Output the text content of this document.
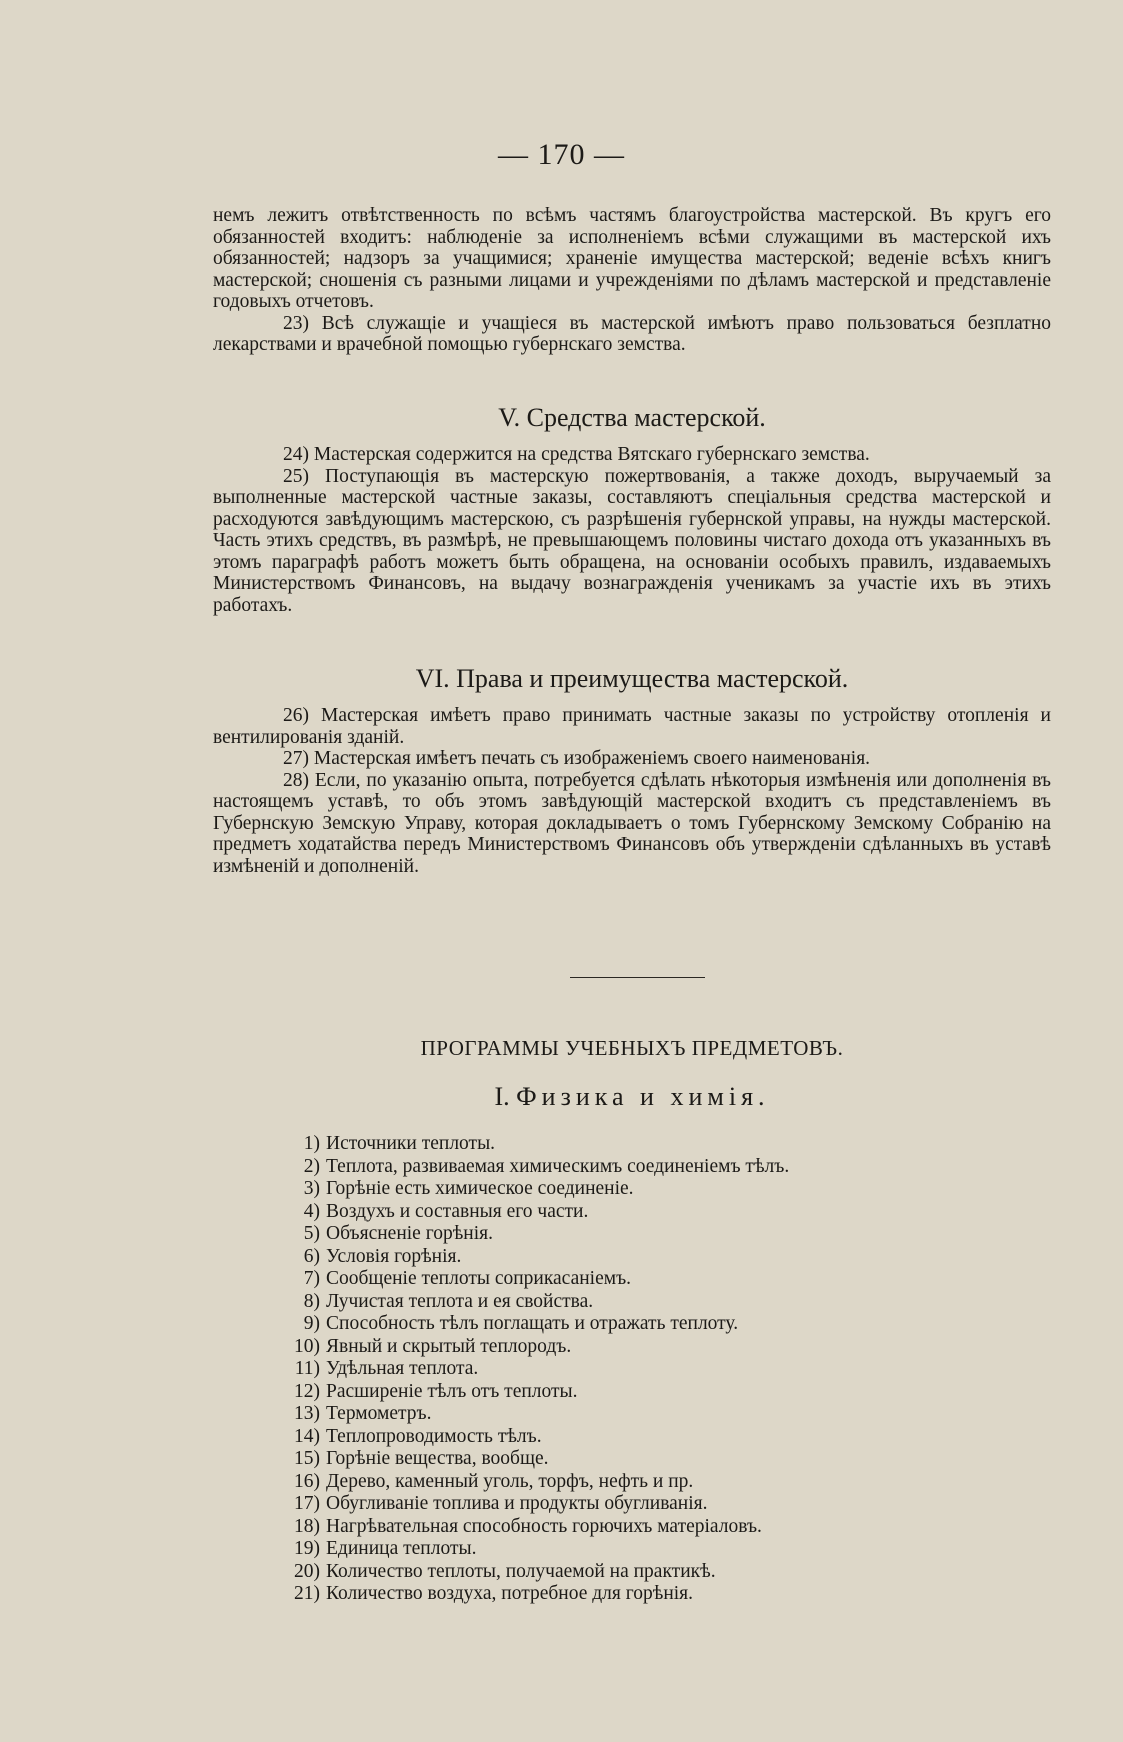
— 170 —

немъ лежитъ отвѣтственность по всѣмъ частямъ благоустройства мастерской. Въ кругъ его обязанностей входитъ: наблюденіе за исполненіемъ всѣми служащими въ мастерской ихъ обязанностей; надзоръ за учащимися; храненіе имущества мастерской; веденіе всѣхъ книгъ мастерской; сношенія съ разными лицами и учрежденіями по дѣламъ мастерской и представленіе годовыхъ отчетовъ.

23) Всѣ служащіе и учащіеся въ мастерской имѣютъ право пользоваться безплатно лекарствами и врачебной помощью губернскаго земства.

V. Средства мастерской.

24) Мастерская содержится на средства Вятскаго губернскаго земства.

25) Поступающія въ мастерскую пожертвованія, а также доходъ, выручаемый за выполненные мастерской частные заказы, составляютъ спеціальныя средства мастерской и расходуются завѣдующимъ мастерскою, съ разрѣшенія губернской управы, на нужды мастерской. Часть этихъ средствъ, въ размѣрѣ, не превышающемъ половины чистаго дохода отъ указанныхъ въ этомъ параграфѣ работъ можетъ быть обращена, на основаніи особыхъ правилъ, издаваемыхъ Министерствомъ Финансовъ, на выдачу вознагражденія ученикамъ за участіе ихъ въ этихъ работахъ.

VI. Права и преимущества мастерской.

26) Мастерская имѣетъ право принимать частные заказы по устройству отопленія и вентилированія зданій.

27) Мастерская имѣетъ печать съ изображеніемъ своего наименованія.

28) Если, по указанію опыта, потребуется сдѣлать нѣкоторыя измѣненія или дополненія въ настоящемъ уставѣ, то объ этомъ завѣдующій мастерской входитъ съ представленіемъ въ Губернскую Земскую Управу, которая докладываетъ о томъ Губернскому Земскому Собранію на предметъ ходатайства передъ Министерствомъ Финансовъ объ утвержденіи сдѣланныхъ въ уставѣ измѣненій и дополненій.

ПРОГРАММЫ УЧЕБНЫХЪ ПРЕДМЕТОВЪ.
I. Физика и химія.
1) Источники теплоты.
2) Теплота, развиваемая химическимъ соединеніемъ тѣлъ.
3) Горѣніе есть химическое соединеніе.
4) Воздухъ и составныя его части.
5) Объясненіе горѣнія.
6) Условія горѣнія.
7) Сообщеніе теплоты соприкасаніемъ.
8) Лучистая теплота и ея свойства.
9) Способность тѣлъ поглащать и отражать теплоту.
10) Явный и скрытый теплородъ.
11) Удѣльная теплота.
12) Расширеніе тѣлъ отъ теплоты.
13) Термометръ.
14) Теплопроводимость тѣлъ.
15) Горѣніе вещества, вообще.
16) Дерево, каменный уголь, торфъ, нефть и пр.
17) Обугливаніе топлива и продукты обугливанія.
18) Нагрѣвательная способность горючихъ матеріаловъ.
19) Единица теплоты.
20) Количество теплоты, получаемой на практикѣ.
21) Количество воздуха, потребное для горѣнія.
